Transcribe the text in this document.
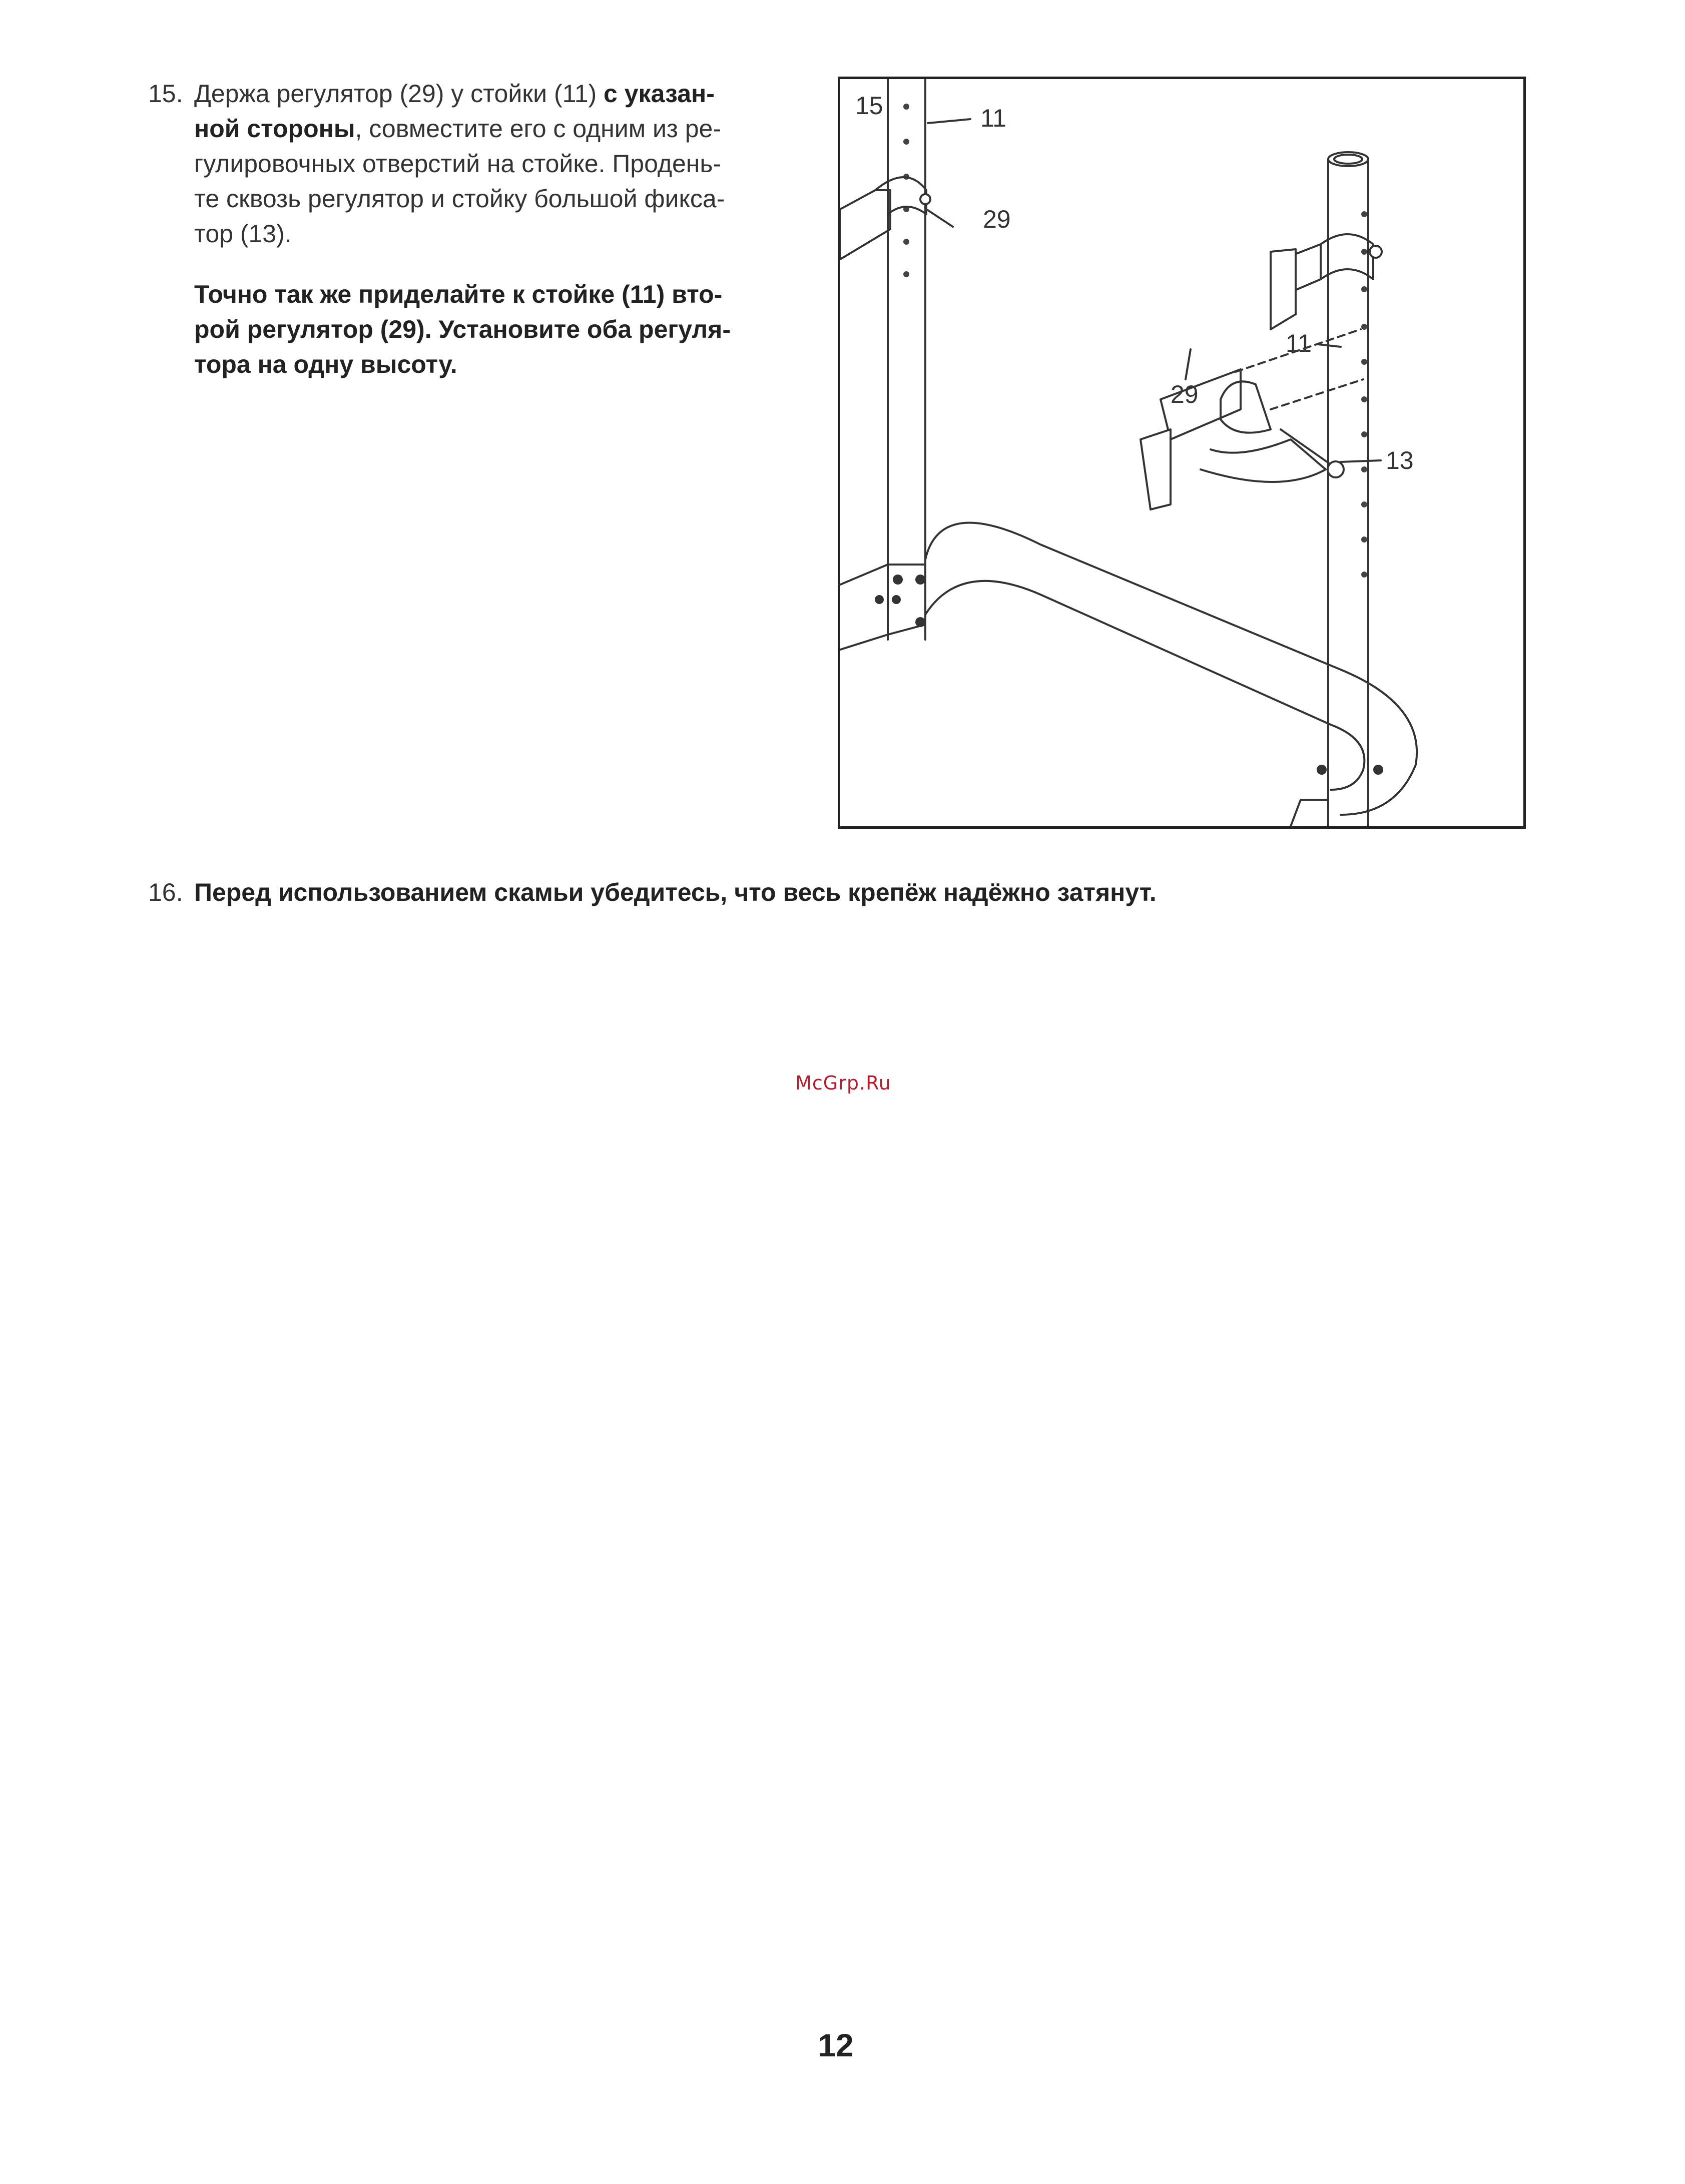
15. Держа регулятор (29) у стойки (11) с указан-
ной стороны, совместите его с одним из ре-
гулировочных отверстий на стойке. Продень-
те сквозь регулятор и стойку большой фикса-
тор (13).
Точно так же приделайте к стойке (11) вто-
рой регулятор (29). Установите оба регуля-
тора на одну высоту.
15	11
29
11
29
13
16. Перед использованием скамьи убедитесь, что весь крепёж надёжно затянут.
McGrp.Ru
12
